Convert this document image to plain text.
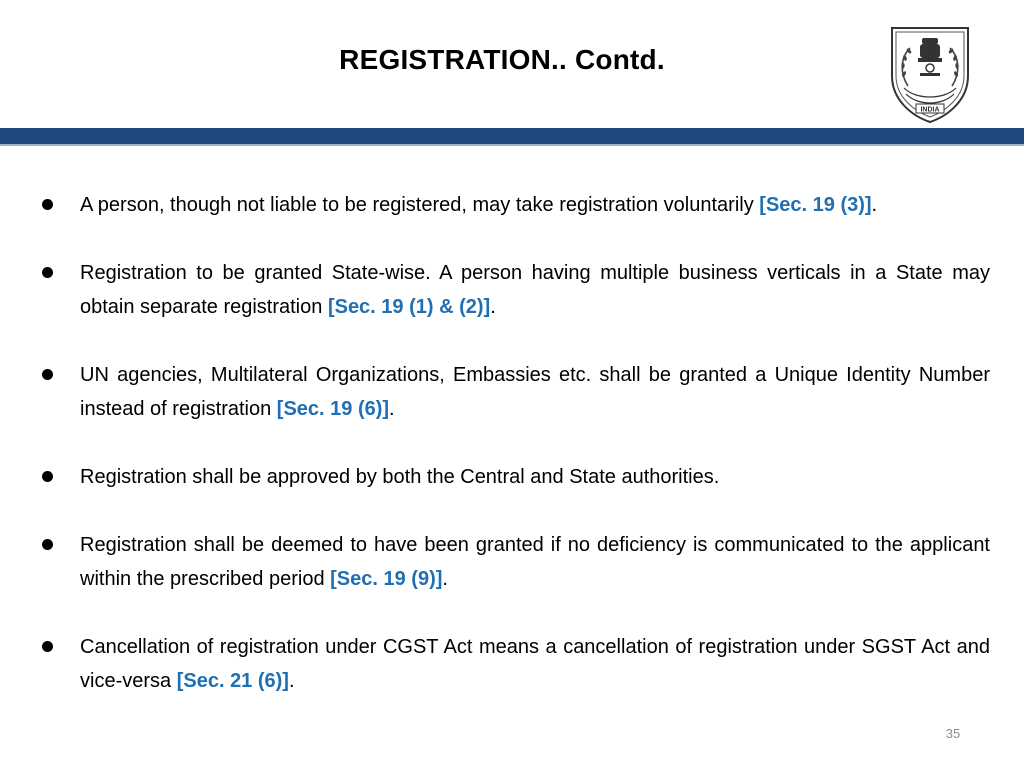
REGISTRATION.. Contd.
INDIA
A person, though not liable to be registered, may take registration voluntarily [Sec. 19 (3)].
Registration to be granted State-wise. A person having multiple business verticals in a State may obtain separate registration [Sec. 19 (1) & (2)].
UN agencies, Multilateral Organizations, Embassies etc. shall be granted a Unique Identity Number instead of registration [Sec. 19 (6)].
Registration shall be approved by both the Central and State authorities.
Registration shall be deemed to have been granted if no deficiency is communicated to the applicant within the prescribed period [Sec. 19 (9)].
Cancellation of registration under CGST Act means a cancellation of registration under SGST Act and vice-versa [Sec. 21 (6)].
35
